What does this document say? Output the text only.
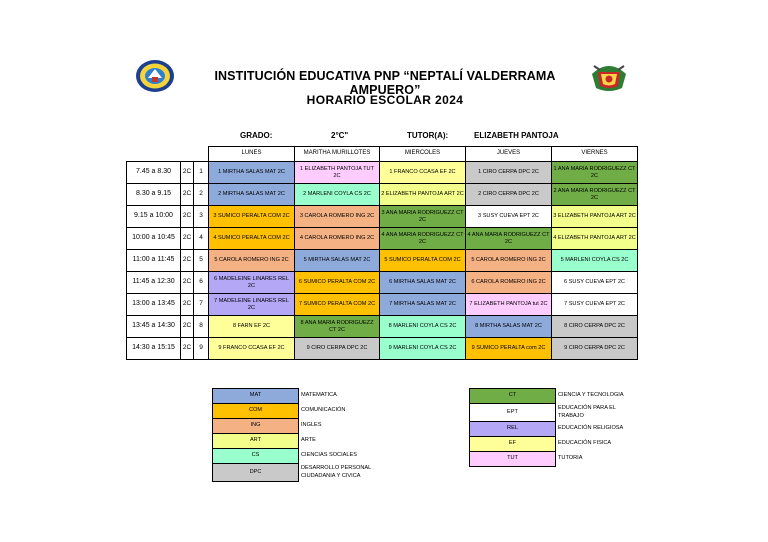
INSTITUCIÓN EDUCATIVA PNP “NEPTALÍ VALDERRAMA AMPUERO”
HORARIO ESCOLAR 2024
GRADO:	2°C"	TUTOR(A):	ELIZABETH PANTOJA
			LUNES	MARITHA MURILLOTES	MIERCOLES	JUEVES	VIERNES
7.45 a 8.30	2C	1	1 MIRTHA SALAS MAT 2C	1 ELIZABETH PANTOJA TUT 2C	1 FRANCO CCASA EF 2C	1 CIRO CERPA DPC 2C	1 ANA MARIA RODRIGUEZZ CT 2C
8.30 a 9.15	2C	2	2 MIRTHA SALAS MAT 2C	2 MARLENI COYLA CS 2C	2 ELIZABETH PANTOJA ART 2C	2 CIRO CERPA DPC 2C	2 ANA MARIA RODRIGUEZZ CT 2C
9.15 a 10:00	2C	3	3 SUMICO PERALTA COM 2C	3 CAROLA ROMERO ING 2C	3 ANA MARIA RODRIGUEZZ CT 2C	3 SUSY CUEVA EPT 2C	3 ELIZABETH PANTOJA ART 2C
10:00 a 10:45	2C	4	4 SUMICO PERALTA COM 2C	4 CAROLA ROMERO ING 2C	4 ANA MARIA RODRIGUEZZ CT 2C	4 ANA MARIA RODRIGUEZZ CT 2C	4 ELIZABETH PANTOJA ART 2C
11:00 a 11:45	2C	5	5 CAROLA ROMERO ING 2C	5 MIRTHA SALAS MAT 2C	5 SUMICO PERALTA COM 2C	5 CAROLA ROMERO ING 2C	5 MARLENI COYLA CS 2C
11:45 a 12:30	2C	6	6 MADELEINE LINARES REL 2C	6 SUMICO PERALTA COM 2C	6 MIRTHA SALAS MAT 2C	6 CAROLA ROMERO ING 2C	6 SUSY CUEVA EPT 2C
13:00 a 13:45	2C	7	7 MADELEINE LINARES REL 2C	7 SUMICO PERALTA COM 2C	7 MIRTHA SALAS MAT 2C	7 ELIZABETH PANTOJA tut 2C	7 SUSY CUEVA EPT 2C
13:45 a 14:30	2C	8	8 FARN EF 2C	8 ANA MARIA RODRIGUEZZ CT 2C	8 MARLENI COYLA CS 2C	8 MIRTHA SALAS MAT 2C	8 CIRO CERPA DPC 2C
14:30 a 15:15	2C	9	9 FRANCO CCASA EF 2C	9 CIRO CERPA DPC 2C	9 MARLENI COYLA CS 2C	9 SUMICO PERALTA com 2C	9 CIRO CERPA DPC 2C
MAT	MATEMATICA
COM	COMUNICACIÓN
ING	INGLES
ART	ARTE
CS	CIENCIAS SOCIALES
DPC	DESARROLLO PERSONAL CIUDADANIA Y CIVICA
CT	CIENCIA Y TECNOLOGIA
EPT	EDUCACIÓN PARA EL TRABAJO
REL	EDUCACIÓN RELIGIOSA
EF	EDUCACIÓN FISICA
TUT	TUTORIA
